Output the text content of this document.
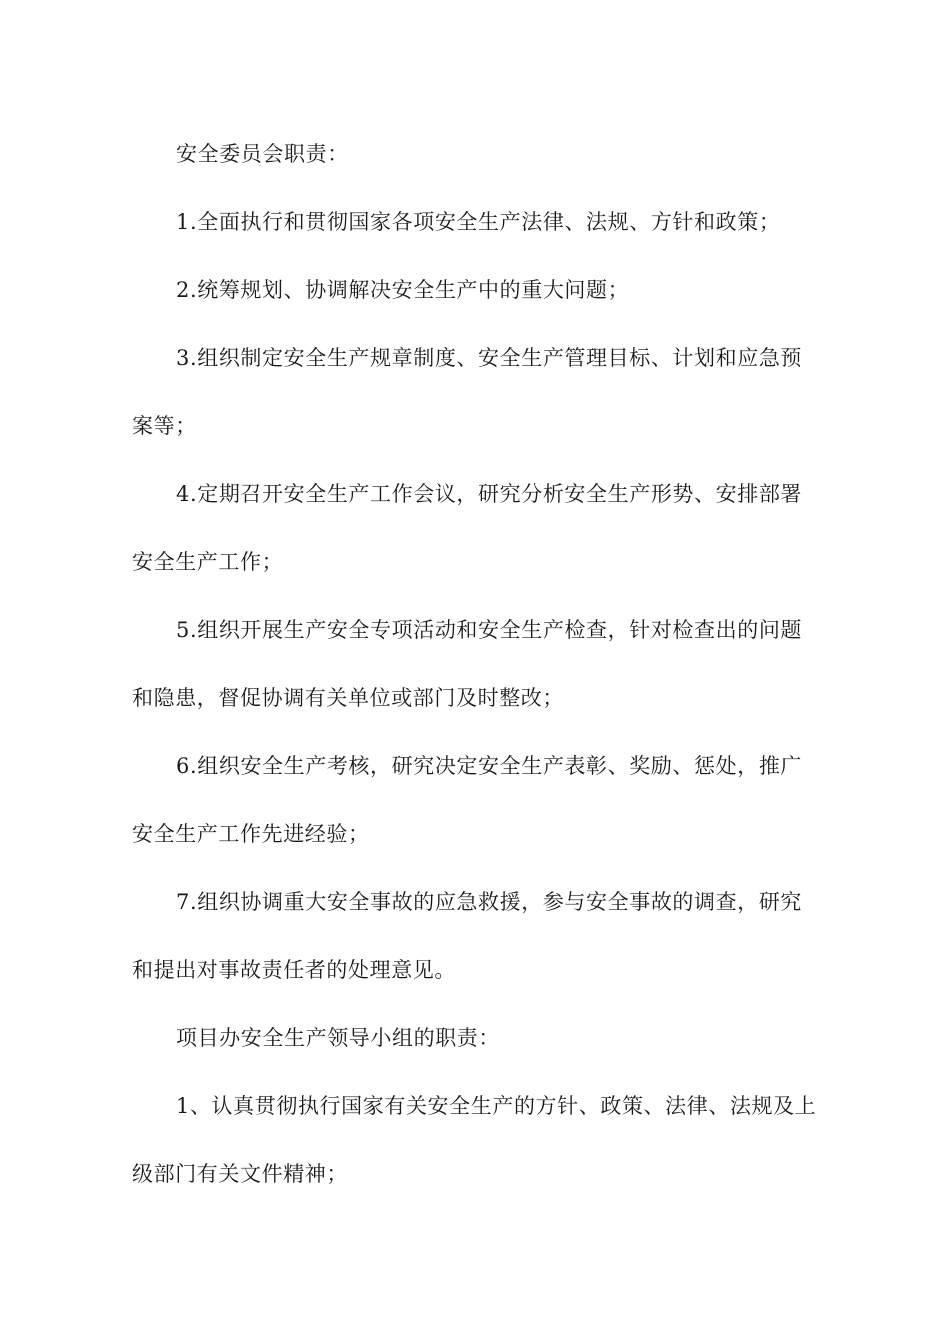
安全委员会职责：

1.全面执行和贯彻国家各项安全生产法律、法规、方针和政策；

2.统筹规划、协调解决安全生产中的重大问题；

3.组织制定安全生产规章制度、安全生产管理目标、计划和应急预
案等；

4.定期召开安全生产工作会议，研究分析安全生产形势、安排部署
安全生产工作；

5.组织开展生产安全专项活动和安全生产检查，针对检查出的问题
和隐患，督促协调有关单位或部门及时整改；

6.组织安全生产考核，研究决定安全生产表彰、奖励、惩处，推广
安全生产工作先进经验；

7.组织协调重大安全事故的应急救援，参与安全事故的调查，研究
和提出对事故责任者的处理意见。

项目办安全生产领导小组的职责：

1、认真贯彻执行国家有关安全生产的方针、政策、法律、法规及上
级部门有关文件精神；
